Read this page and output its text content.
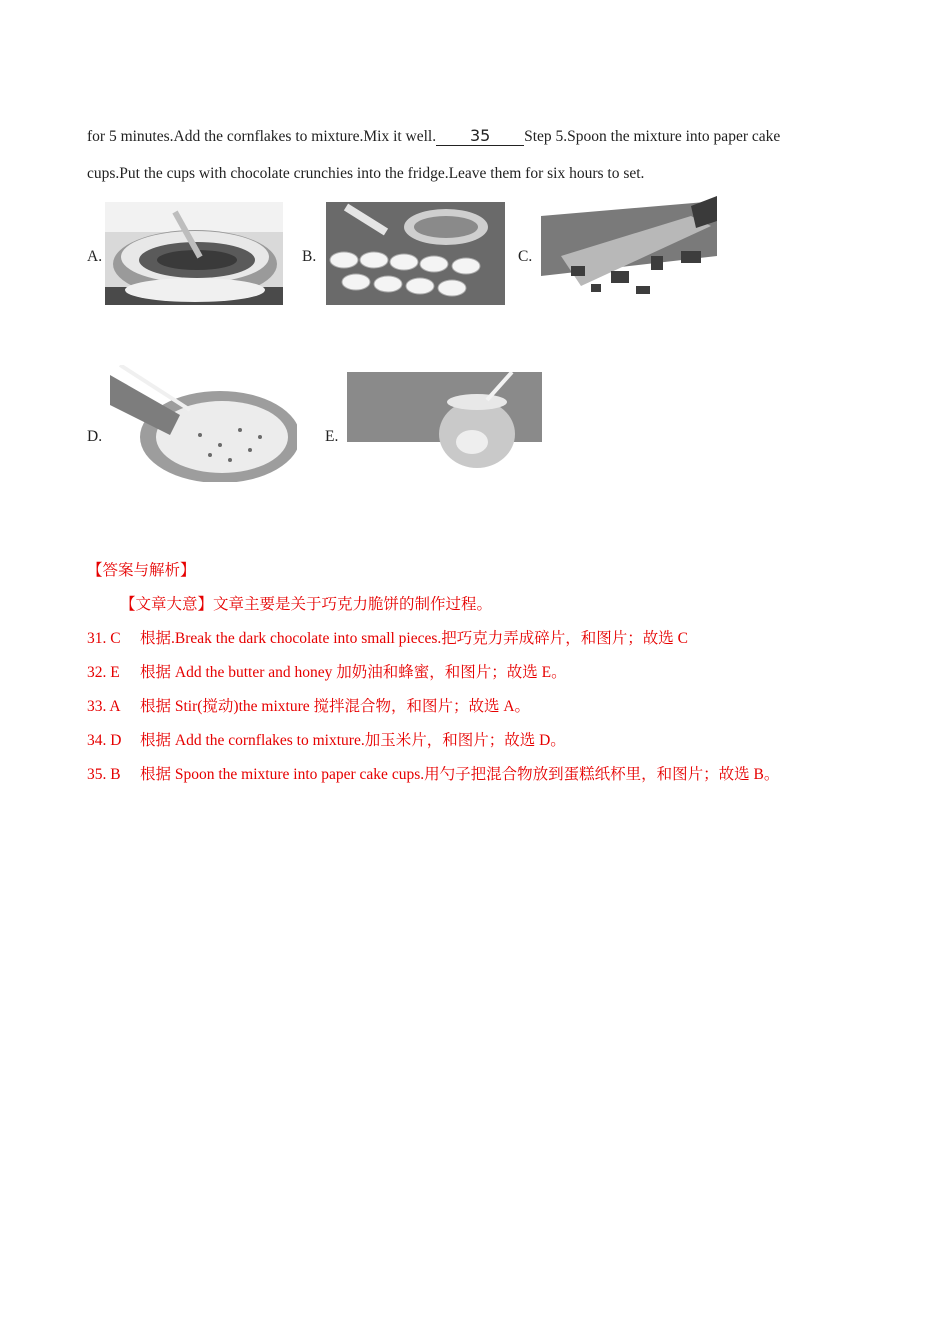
for 5 minutes.Add the cornflakes to mixture.Mix it well. 35 Step 5.Spoon the mixture into paper cake
cups.Put the cups with chocolate crunchies into the fridge.Leave them for six hours to set.
A.	B.	C.
D.	E.
【答案与解析】
【文章大意】文章主要是关于巧克力脆饼的制作过程。
31. C 根据.Break the dark chocolate into small pieces.把巧克力弄成碎片，和图片；故选 C
32. E 根据 Add the butter and honey 加奶油和蜂蜜，和图片；故选 E。
33. A 根据 Stir(搅动)the mixture 搅拌混合物，和图片；故选 A。
34. D 根据 Add the cornflakes to mixture.加玉米片，和图片；故选 D。
35. B 根据 Spoon the mixture into paper cake cups.用勺子把混合物放到蛋糕纸杯里，和图片；故选 B。
